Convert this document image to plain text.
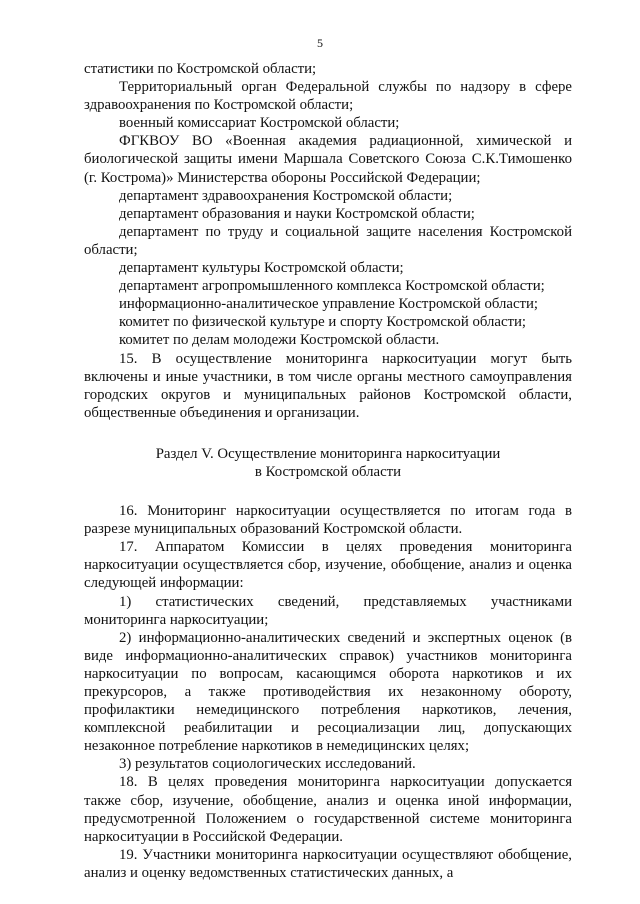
5

статистики по Костромской области;

Территориальный орган Федеральной службы по надзору в сфере здравоохранения по Костромской области;

военный комиссариат Костромской области;

ФГКВОУ ВО «Военная академия радиационной, химической и биологической защиты имени Маршала Советского Союза С.К.Тимошенко (г. Кострома)» Министерства обороны Российской Федерации;

департамент здравоохранения Костромской области;

департамент образования и науки Костромской области;

департамент по труду и социальной защите населения Костромской области;

департамент культуры Костромской области;

департамент агропромышленного комплекса Костромской области;

информационно-аналитическое управление Костромской области;

комитет по физической культуре и спорту Костромской области;

комитет по делам молодежи Костромской области.

15. В осуществление мониторинга наркоситуации могут быть включены и иные участники, в том числе органы местного самоуправления городских округов и муниципальных районов Костромской области, общественные объединения и организации.

Раздел V. Осуществление мониторинга наркоситуации
в Костромской области

16. Мониторинг наркоситуации осуществляется по итогам года в разрезе муниципальных образований Костромской области.

17. Аппаратом Комиссии в целях проведения мониторинга наркоситуации осуществляется сбор, изучение, обобщение, анализ и оценка следующей информации:

1) статистических сведений, представляемых участниками мониторинга наркоситуации;

2) информационно-аналитических сведений и экспертных оценок (в виде информационно-аналитических справок) участников мониторинга наркоситуации по вопросам, касающимся оборота наркотиков и их прекурсоров, а также противодействия их незаконному обороту, профилактики немедицинского потребления наркотиков, лечения, комплексной реабилитации и ресоциализации лиц, допускающих незаконное потребление наркотиков в немедицинских целях;

3) результатов социологических исследований.

18. В целях проведения мониторинга наркоситуации допускается также сбор, изучение, обобщение, анализ и оценка иной информации, предусмотренной Положением о государственной системе мониторинга наркоситуации в Российской Федерации.

19. Участники мониторинга наркоситуации осуществляют обобщение, анализ и оценку ведомственных статистических данных, а
